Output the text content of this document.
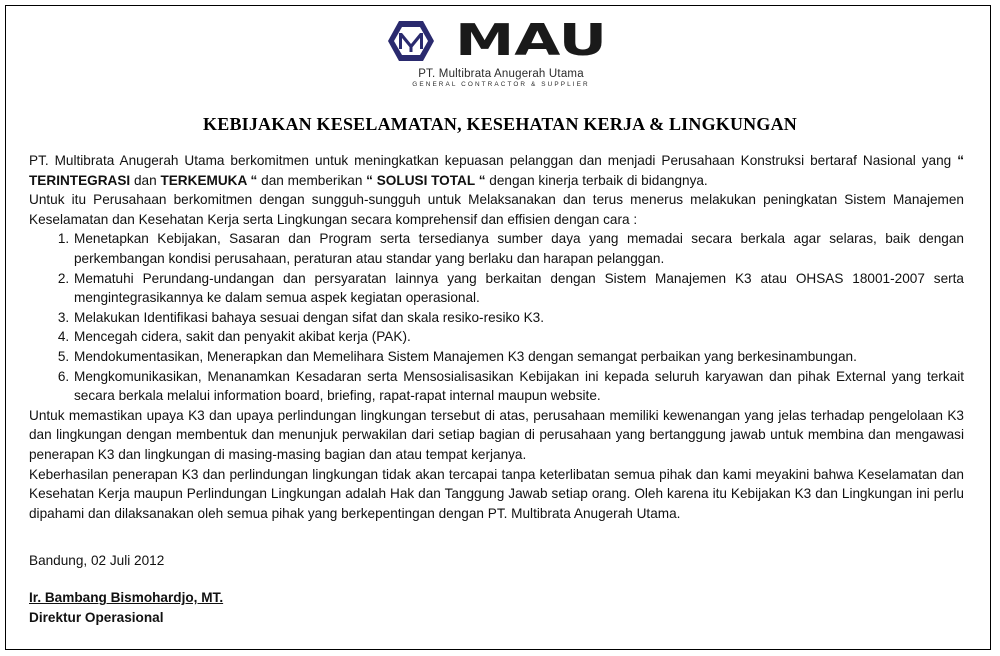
MAU
PT. Multibrata Anugerah Utama
GENERAL CONTRACTOR & SUPPLIER
KEBIJAKAN KESELAMATAN, KESEHATAN KERJA & LINGKUNGAN

PT. Multibrata Anugerah Utama berkomitmen untuk meningkatkan kepuasan pelanggan dan menjadi Perusahaan Konstruksi bertaraf Nasional yang “ TERINTEGRASI dan TERKEMUKA “ dan memberikan “ SOLUSI TOTAL “ dengan kinerja terbaik di bidangnya.

Untuk itu Perusahaan berkomitmen dengan sungguh-sungguh untuk Melaksanakan dan terus menerus melakukan peningkatan Sistem Manajemen Keselamatan dan Kesehatan Kerja serta Lingkungan secara komprehensif dan effisien dengan cara :

1. Menetapkan Kebijakan, Sasaran dan Program serta tersedianya sumber daya yang memadai secara berkala agar selaras, baik dengan perkembangan kondisi perusahaan, peraturan atau standar yang berlaku dan harapan pelanggan.
2. Mematuhi Perundang-undangan dan persyaratan lainnya yang berkaitan dengan Sistem Manajemen K3 atau OHSAS 18001-2007 serta mengintegrasikannya ke dalam semua aspek kegiatan operasional.
3. Melakukan Identifikasi bahaya sesuai dengan sifat dan skala resiko-resiko K3.
4. Mencegah cidera, sakit dan penyakit akibat kerja (PAK).
5. Mendokumentasikan, Menerapkan dan Memelihara Sistem Manajemen K3 dengan semangat perbaikan yang berkesinambungan.
6. Mengkomunikasikan, Menanamkan Kesadaran serta Mensosialisasikan Kebijakan ini kepada seluruh karyawan dan pihak External yang terkait secara berkala melalui information board, briefing, rapat-rapat internal maupun website.

Untuk memastikan upaya K3 dan upaya perlindungan lingkungan tersebut di atas, perusahaan memiliki kewenangan yang jelas terhadap pengelolaan K3 dan lingkungan dengan membentuk dan menunjuk perwakilan dari setiap bagian di perusahaan yang bertanggung jawab untuk membina dan mengawasi penerapan K3 dan lingkungan di masing-masing bagian dan atau tempat kerjanya.

Keberhasilan penerapan K3 dan perlindungan lingkungan tidak akan tercapai tanpa keterlibatan semua pihak dan kami meyakini bahwa Keselamatan dan Kesehatan Kerja maupun Perlindungan Lingkungan adalah Hak dan Tanggung Jawab setiap orang. Oleh karena itu Kebijakan K3 dan Lingkungan ini perlu dipahami dan dilaksanakan oleh semua pihak yang berkepentingan dengan PT. Multibrata Anugerah Utama.

Bandung, 02 Juli 2012

Ir. Bambang Bismohardjo, MT.

Direktur Operasional
